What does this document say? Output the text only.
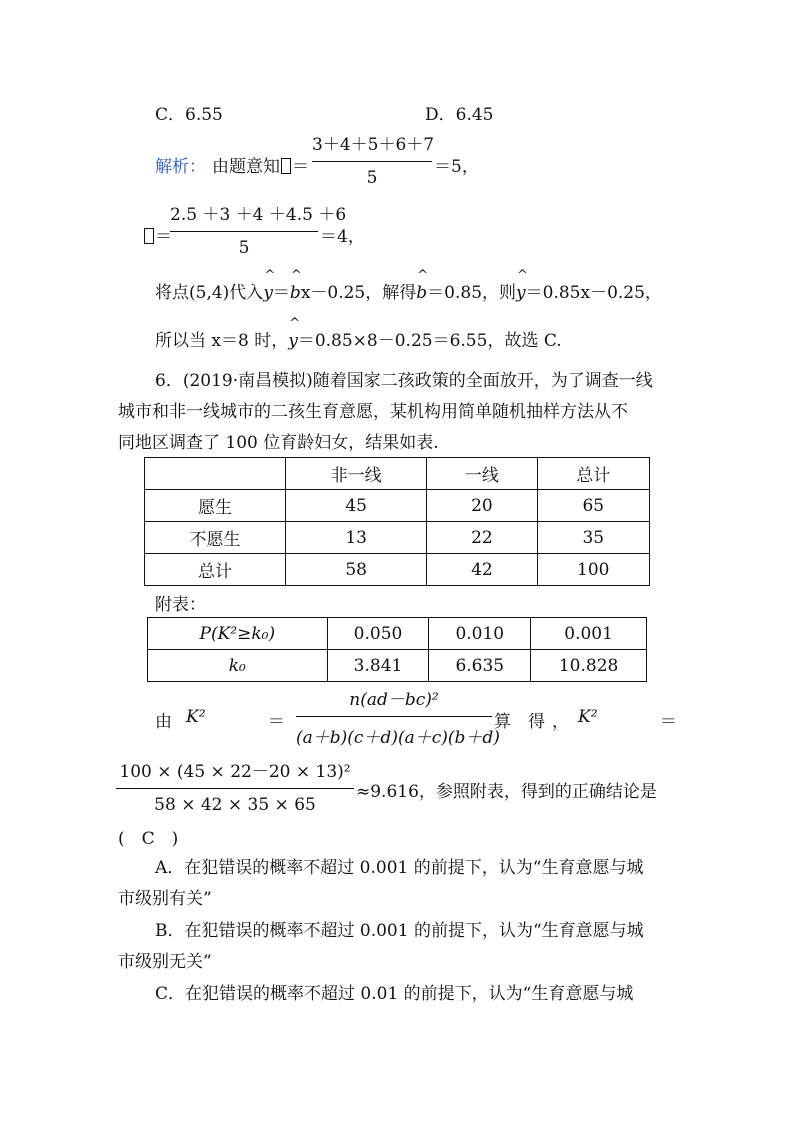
C．6.55	D．6.45
解析： 由题意知 ＝
3＋4＋5＋6＋7
5
＝5，
＝
2.5 ＋3 ＋4 ＋4.5 ＋6
5
＝4，
将点(5,4)代入^ y＝^ bx－0.25，解得^ b＝0.85，则^ y＝0.85x－0.25，
所以当 x＝8 时，^ y＝0.85×8－0.25＝6.55，故选 C.
6．(2019·南昌模拟)随着国家二孩政策的全面放开，为了调查一线
城市和非一线城市的二孩生育意愿，某机构用简单随机抽样方法从不
同地区调查了 100 位育龄妇女，结果如表.
	非一线	一线	总计
愿生	45	20	65
不愿生	13	22	35
总计	58	42	100
附表：
P(K²≥k₀)	0.050	0.010	0.001
k₀	3.841	6.635	10.828
由 K²	＝
n(ad－bc)²
(a＋b)(c＋d)(a＋c)(b＋d)
算　得 ， K²	＝
100 × (45 × 22－20 × 13)²
58 × 42 × 35 × 65
≈9.616，参照附表，得到的正确结论是
(　C　)
A．在犯错误的概率不超过 0.001 的前提下，认为“生育意愿与城
市级别有关”
B．在犯错误的概率不超过 0.001 的前提下，认为“生育意愿与城
市级别无关”
C．在犯错误的概率不超过 0.01 的前提下，认为“生育意愿与城
